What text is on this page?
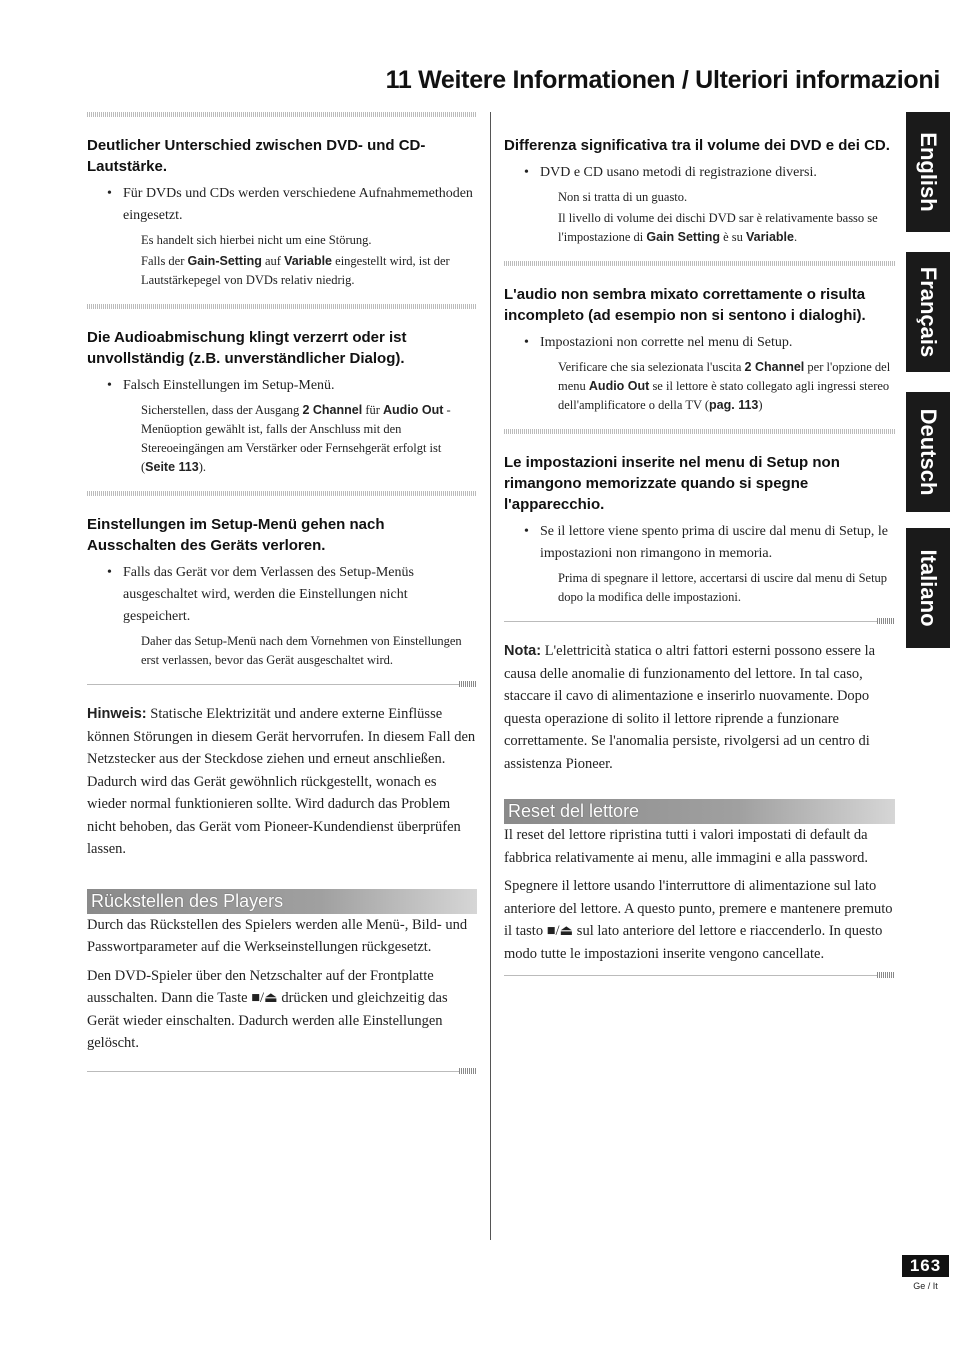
11 Weitere Informationen / Ulteriori informazioni
English
Français
Deutsch
Italiano
Deutlicher Unterschied zwischen DVD- und CD-Lautstärke.
• Für DVDs und CDs werden verschiedene Aufnahmemethoden eingesetzt.
Es handelt sich hierbei nicht um eine Störung.
Falls der Gain-Setting auf Variable eingestellt wird, ist der Lautstärkepegel von DVDs relativ niedrig.
Die Audioabmischung klingt verzerrt oder ist unvollständig (z.B. unverständlicher Dialog).
• Falsch Einstellungen im Setup-Menü.
Sicherstellen, dass der Ausgang 2 Channel für Audio Out -Menüoption gewählt ist, falls der Anschluss mit den Stereoeingängen am Verstärker oder Fernsehgerät erfolgt ist (Seite 113).
Einstellungen im Setup-Menü gehen nach Ausschalten des Geräts verloren.
• Falls das Gerät vor dem Verlassen des Setup-Menüs ausgeschaltet wird, werden die Einstellungen nicht gespeichert.
Daher das Setup-Menü nach dem Vornehmen von Einstellungen erst verlassen, bevor das Gerät ausgeschaltet wird.
Hinweis: Statische Elektrizität und andere externe Einflüsse können Störungen in diesem Gerät hervorrufen. In diesem Fall den Netzstecker aus der Steckdose ziehen und erneut anschließen. Dadurch wird das Gerät gewöhnlich rückgestellt, wonach es wieder normal funktionieren sollte. Wird dadurch das Problem nicht behoben, das Gerät vom Pioneer-Kundendienst überprüfen lassen.
Rückstellen des Players
Durch das Rückstellen des Spielers werden alle Menü-, Bild- und Passwortparameter auf die Werkseinstellungen rückgesetzt.
Den DVD-Spieler über den Netzschalter auf der Frontplatte ausschalten. Dann die Taste ■/⏏ drücken und gleichzeitig das Gerät wieder einschalten. Dadurch werden alle Einstellungen gelöscht.
Differenza significativa tra il volume dei DVD e dei CD.
• DVD e CD usano metodi di registrazione diversi.
Non si tratta di un guasto.
Il livello di volume dei dischi DVD sar è relativamente basso se l'impostazione di Gain Setting è su Variable.
L'audio non sembra mixato correttamente o risulta incompleto (ad esempio non si sentono i dialoghi).
• Impostazioni non corrette nel menu di Setup.
Verificare che sia selezionata l'uscita 2 Channel per l'opzione del menu Audio Out se il lettore è stato collegato agli ingressi stereo dell'amplificatore o della TV (pag. 113)
Le impostazioni inserite nel menu di Setup non rimangono memorizzate quando si spegne l'apparecchio.
• Se il lettore viene spento prima di uscire dal menu di Setup, le impostazioni non rimangono in memoria.
Prima di spegnare il lettore, accertarsi di uscire dal menu di Setup dopo la modifica delle impostazioni.
Nota: L'elettricità statica o altri fattori esterni possono essere la causa delle anomalie di funzionamento del lettore. In tal caso, staccare il cavo di alimentazione e inserirlo nuovamente. Dopo questa operazione di solito il lettore riprende a funzionare correttamente. Se l'anomalia persiste, rivolgersi ad un centro di assistenza Pioneer.
Reset del lettore
Il reset del lettore ripristina tutti i valori impostati di default da fabbrica relativamente ai menu, alle immagini e alla password.
Spegnere il lettore usando l'interruttore di alimentazione sul lato anteriore del lettore. A questo punto, premere e mantenere premuto il tasto ■/⏏ sul lato anteriore del lettore e riaccenderlo. In questo modo tutte le impostazioni inserite vengono cancellate.
163
Ge / It
